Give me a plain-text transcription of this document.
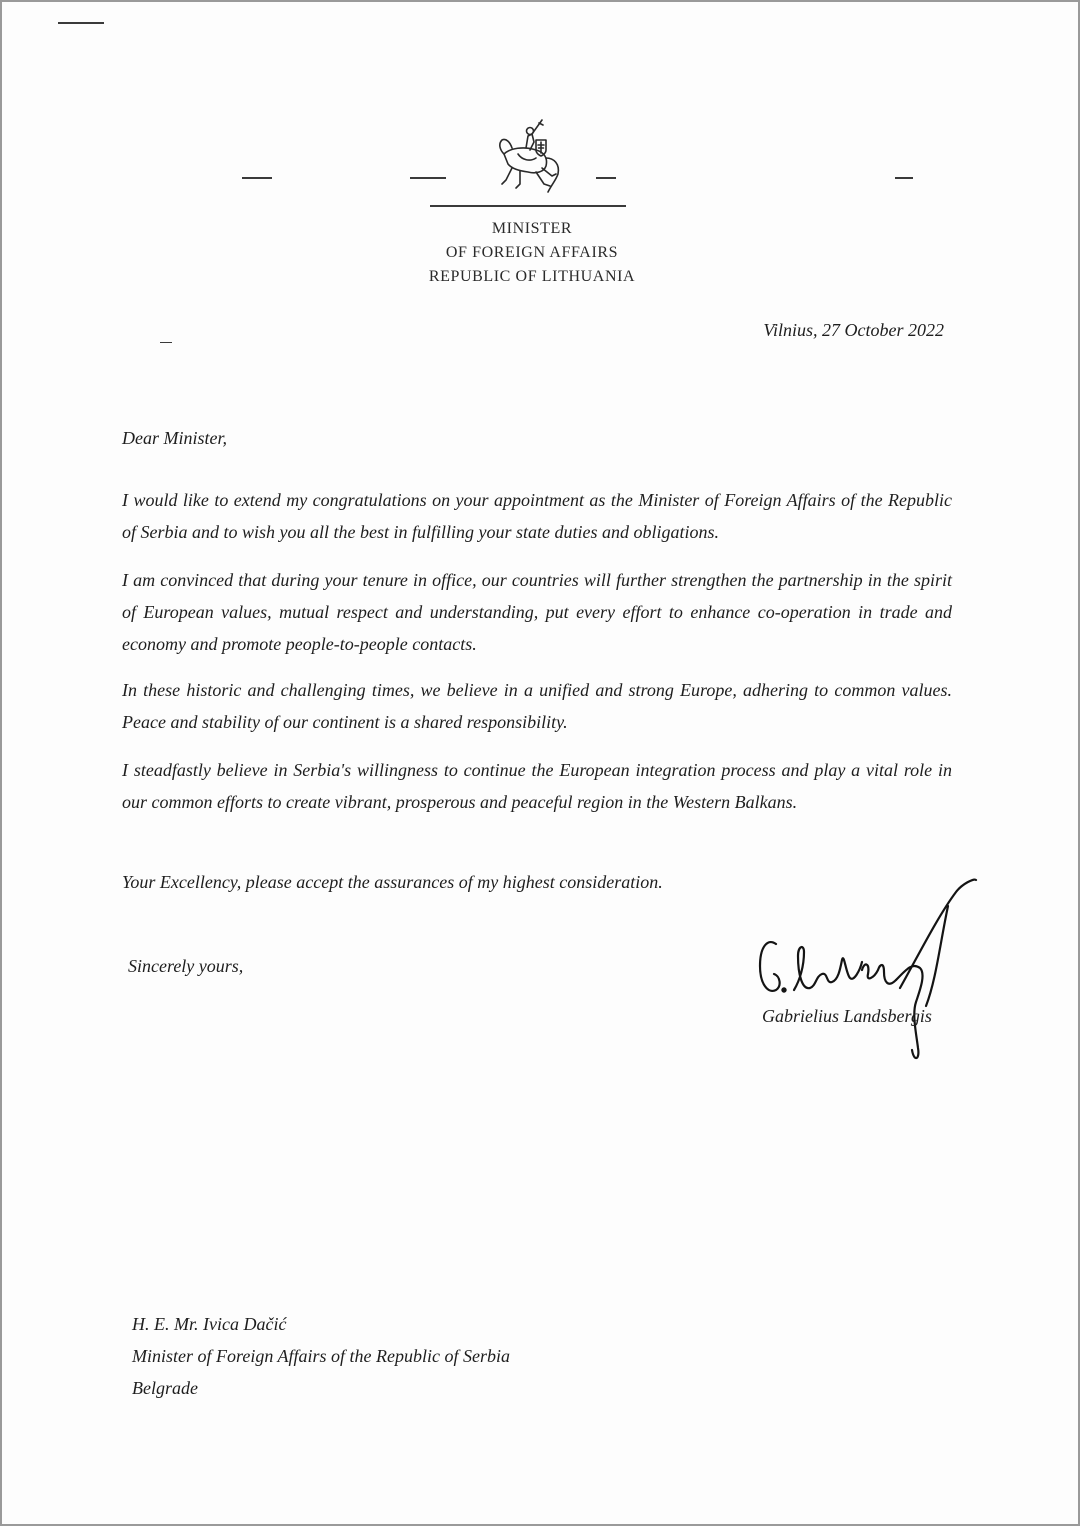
MINISTER
OF FOREIGN AFFAIRS
REPUBLIC OF LITHUANIA
Vilnius, 27 October 2022
Dear Minister,
I would like to extend my congratulations on your appointment as the Minister of Foreign Affairs of the Republic of Serbia and to wish you all the best in fulfilling your state duties and obligations.
I am convinced that during your tenure in office, our countries will further strengthen the partnership in the spirit of European values, mutual respect and understanding, put every effort to enhance co-operation in trade and economy and promote people-to-people contacts.
In these historic and challenging times, we believe in a unified and strong Europe, adhering to common values. Peace and stability of our continent is a shared responsibility.
I steadfastly believe in Serbia's willingness to continue the European integration process and play a vital role in our common efforts to create vibrant, prosperous and peaceful region in the Western Balkans.
Your Excellency, please accept the assurances of my highest consideration.
Sincerely yours,
Gabrielius Landsbergis
H. E. Mr. Ivica Dačić
Minister of Foreign Affairs of the Republic of Serbia
Belgrade
